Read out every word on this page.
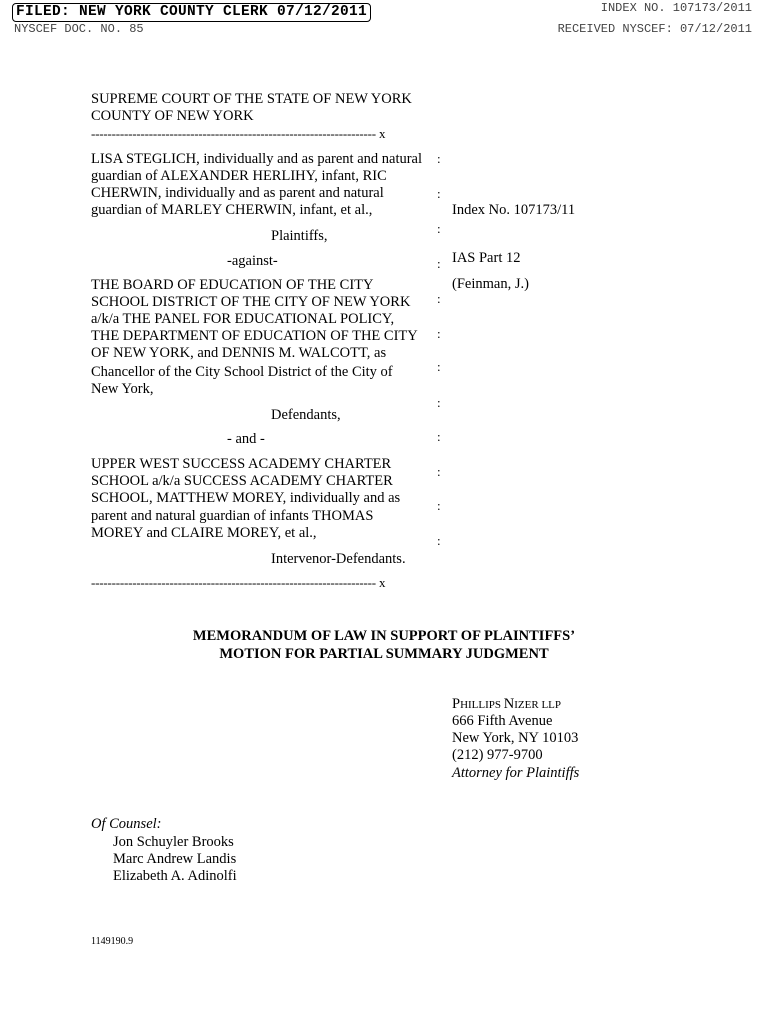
FILED: NEW YORK COUNTY CLERK 07/12/2011
NYSCEF DOC. NO. 85
INDEX NO. 107173/2011
RECEIVED NYSCEF: 07/12/2011
SUPREME COURT OF THE STATE OF NEW YORK
COUNTY OF NEW YORK
--------------------------------------------------------------------- x
LISA STEGLICH, individually and as parent and natural
guardian of ALEXANDER HERLIHY, infant, RIC
CHERWIN, individually and as parent and natural
guardian of MARLEY CHERWIN, infant, et al.,
Plaintiffs,
-against-
THE BOARD OF EDUCATION OF THE CITY
SCHOOL DISTRICT OF THE CITY OF NEW YORK
a/k/a THE PANEL FOR EDUCATIONAL POLICY,
THE DEPARTMENT OF EDUCATION OF THE CITY
OF NEW YORK, and DENNIS M. WALCOTT, as
Chancellor of the City School District of the City of
New York,
Defendants,
- and -
UPPER WEST SUCCESS ACADEMY CHARTER
SCHOOL a/k/a SUCCESS ACADEMY CHARTER
SCHOOL, MATTHEW MOREY, individually and as
parent and natural guardian of infants THOMAS
MOREY and CLAIRE MOREY, et al.,
Intervenor-Defendants.
--------------------------------------------------------------------- x
:
:
:
:
:
:
:
:
:
:
:
:
Index No. 107173/11
IAS Part 12
(Feinman, J.)
MEMORANDUM OF LAW IN SUPPORT OF PLAINTIFFS’
MOTION FOR PARTIAL SUMMARY JUDGMENT
PHILLIPS NIZER LLP
666 Fifth Avenue
New York, NY 10103
(212) 977-9700
Attorney for Plaintiffs
Of Counsel:
Jon Schuyler Brooks
Marc Andrew Landis
Elizabeth A. Adinolfi
1149190.9
